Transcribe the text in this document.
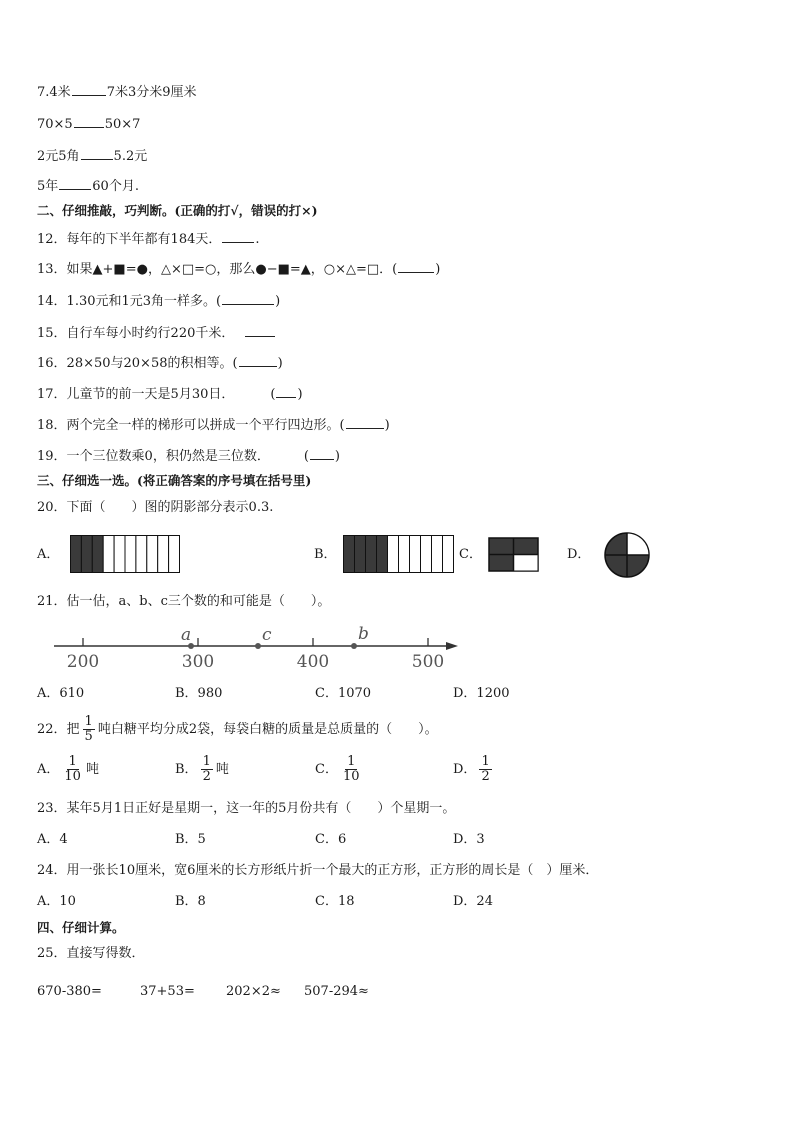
7.4米	7米3分米9厘米
70×5 50×7
2元5角	5.2元
5年	60个月.
二、仔细推敲，巧判断。(正确的打√，错误的打×)
12．每年的下半年都有184天．	.
13．如果▲+■=●，△×□=○，那么●−■=▲，○×△=□．(	)
14．1.30元和1元3角一样多。(	)
15．自行车每小时约行220千米．
16．28×50与20×58的积相等。(	)
17．儿童节的前一天是5月30日．	( )
18．两个完全一样的梯形可以拼成一个平行四边形。(	)
19．一个三位数乘0，积仍然是三位数．	( )
三、仔细选一选。(将正确答案的序号填在括号里)
20．下面（　　）图的阴影部分表示0.3.
A．	B．	C．	D．
21．估一估，a、b、c三个数的和可能是（　　）。
200	300	400	500
a	c	b
A．610	B．980	C．1070	D．1200
22．把 $\frac{1}{5}$ 吨白糖平均分成2袋，每袋白糖的质量是总质量的（　　）。
A． $\frac{1}{10}$ 吨	B． $\frac{1}{2}$ 吨	C． $\frac{1}{10}$	D． $\frac{1}{2}$
23．某年5月1日正好是星期一，这一年的5月份共有（　　）个星期一。
A．4	B．5	C．6	D．3
24．用一张长10厘米，宽6厘米的长方形纸片折一个最大的正方形，正方形的周长是（　）厘米．
A．10	B．8	C．18	D．24
四、仔细计算。
25．直接写得数．
670-380=	37+53= 202×2≈ 507-294≈
